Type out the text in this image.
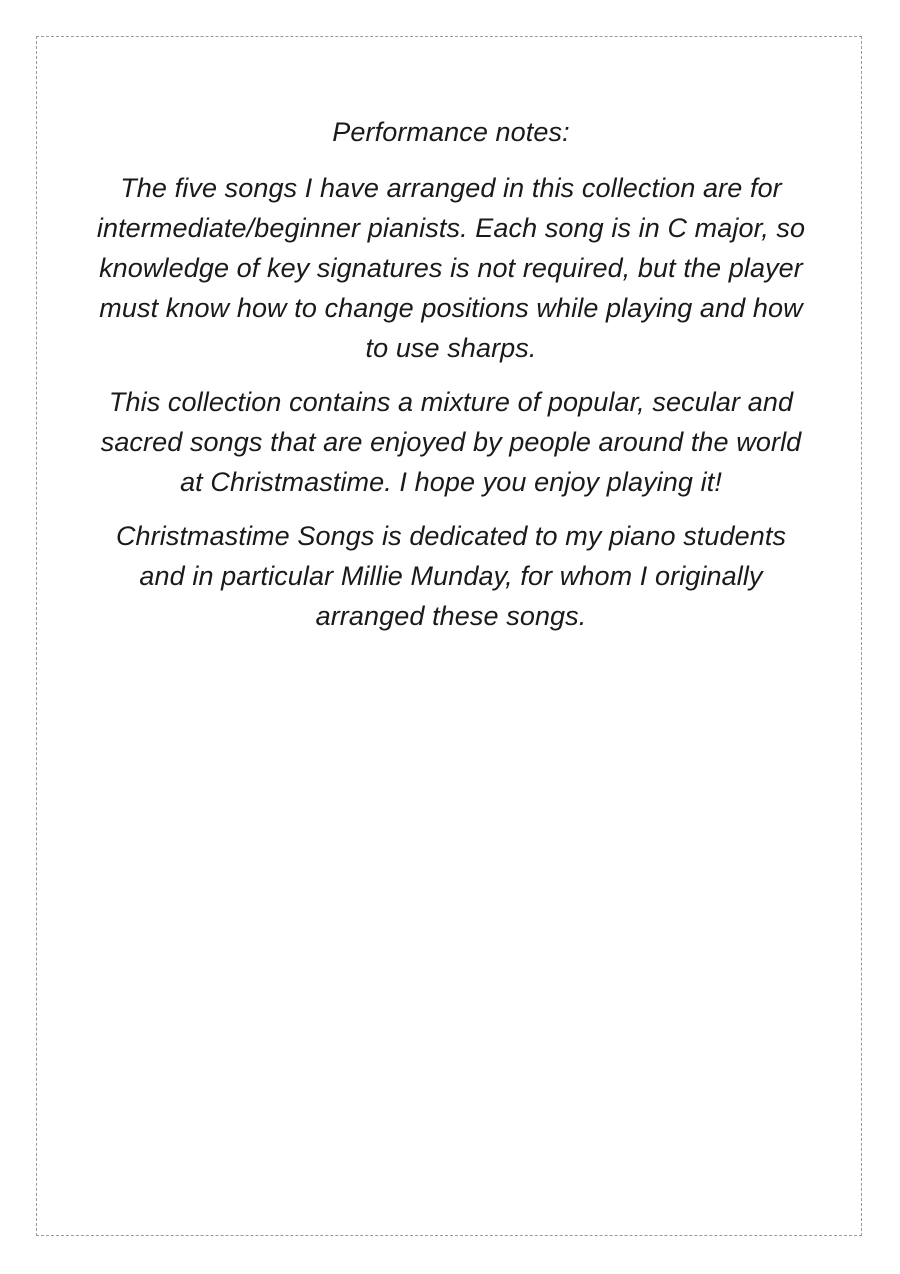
Performance notes:

The five songs I have arranged in this collection are for intermediate/beginner pianists. Each song is in C major, so knowledge of key signatures is not required, but the player must know how to change positions while playing and how to use sharps.

This collection contains a mixture of popular, secular and sacred songs that are enjoyed by people around the world at Christmastime. I hope you enjoy playing it!

Christmastime Songs is dedicated to my piano students and in particular Millie Munday, for whom I originally arranged these songs.
